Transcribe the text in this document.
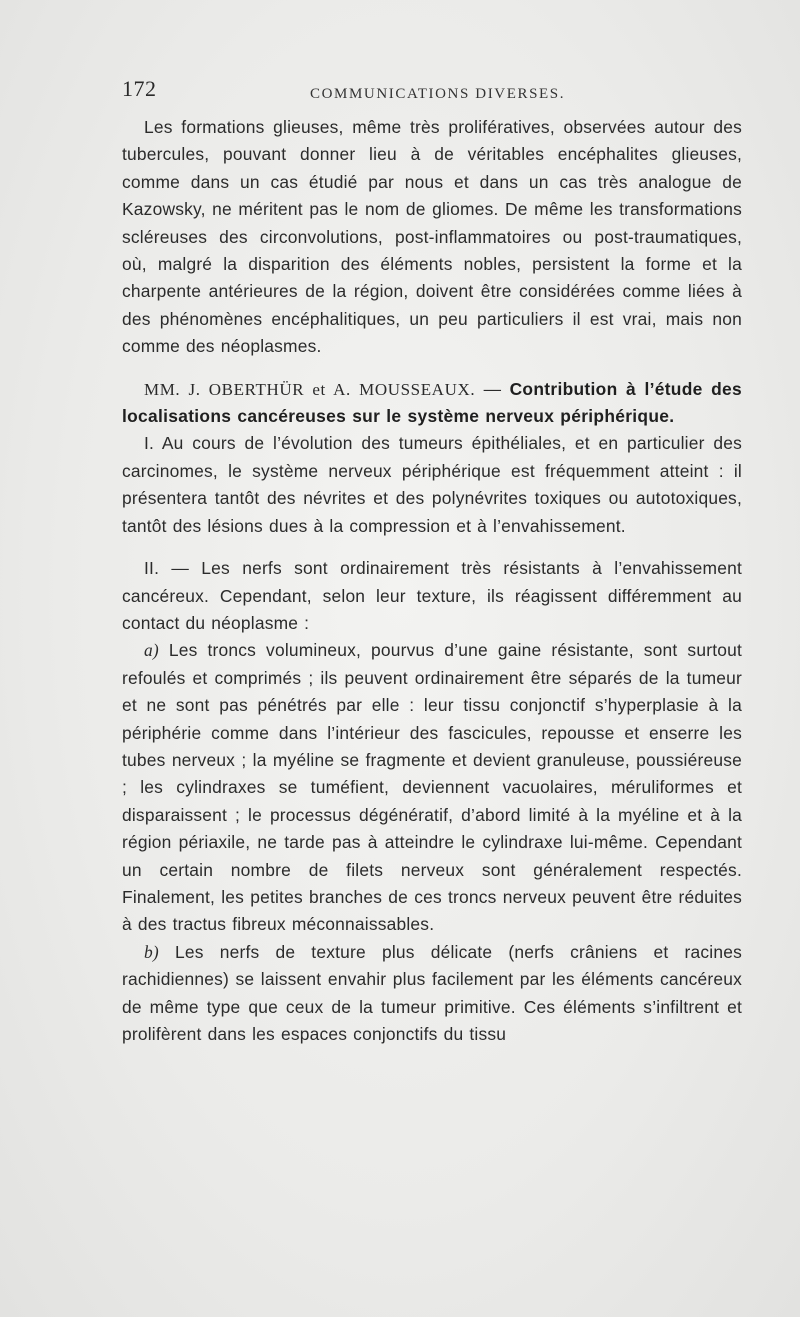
172	COMMUNICATIONS DIVERSES.

Les formations glieuses, même très prolifératives, observées autour des tubercules, pouvant donner lieu à de véritables encéphalites glieuses, comme dans un cas étudié par nous et dans un cas très analogue de Kazowsky, ne méritent pas le nom de gliomes. De même les transformations scléreuses des circonvolutions, post-inflammatoires ou post-traumatiques, où, malgré la disparition des éléments nobles, persistent la forme et la charpente antérieures de la région, doivent être considérées comme liées à des phénomènes encéphalitiques, un peu particuliers il est vrai, mais non comme des néoplasmes.

MM. J. OBERTHÜR et A. MOUSSEAUX. — Contribution à l’étude des localisations cancéreuses sur le système nerveux périphérique.

I. Au cours de l’évolution des tumeurs épithéliales, et en particulier des carcinomes, le système nerveux périphérique est fréquemment atteint : il présentera tantôt des névrites et des polynévrites toxiques ou autotoxiques, tantôt des lésions dues à la compression et à l’envahissement.

II. — Les nerfs sont ordinairement très résistants à l’envahissement cancéreux. Cependant, selon leur texture, ils réagissent différemment au contact du néoplasme :

a) Les troncs volumineux, pourvus d’une gaine résistante, sont surtout refoulés et comprimés ; ils peuvent ordinairement être séparés de la tumeur et ne sont pas pénétrés par elle : leur tissu conjonctif s’hyperplasie à la périphérie comme dans l’intérieur des fascicules, repousse et enserre les tubes nerveux ; la myéline se fragmente et devient granuleuse, poussiéreuse ; les cylindraxes se tuméfient, deviennent vacuolaires, méruliformes et disparaissent ; le processus dégénératif, d’abord limité à la myéline et à la région périaxile, ne tarde pas à atteindre le cylindraxe lui-même. Cependant un certain nombre de filets nerveux sont généralement respectés. Finalement, les petites branches de ces troncs nerveux peuvent être réduites à des tractus fibreux méconnaissables.

b) Les nerfs de texture plus délicate (nerfs crâniens et racines rachidiennes) se laissent envahir plus facilement par les éléments cancéreux de même type que ceux de la tumeur primitive. Ces éléments s’infiltrent et prolifèrent dans les espaces conjonctifs du tissu
